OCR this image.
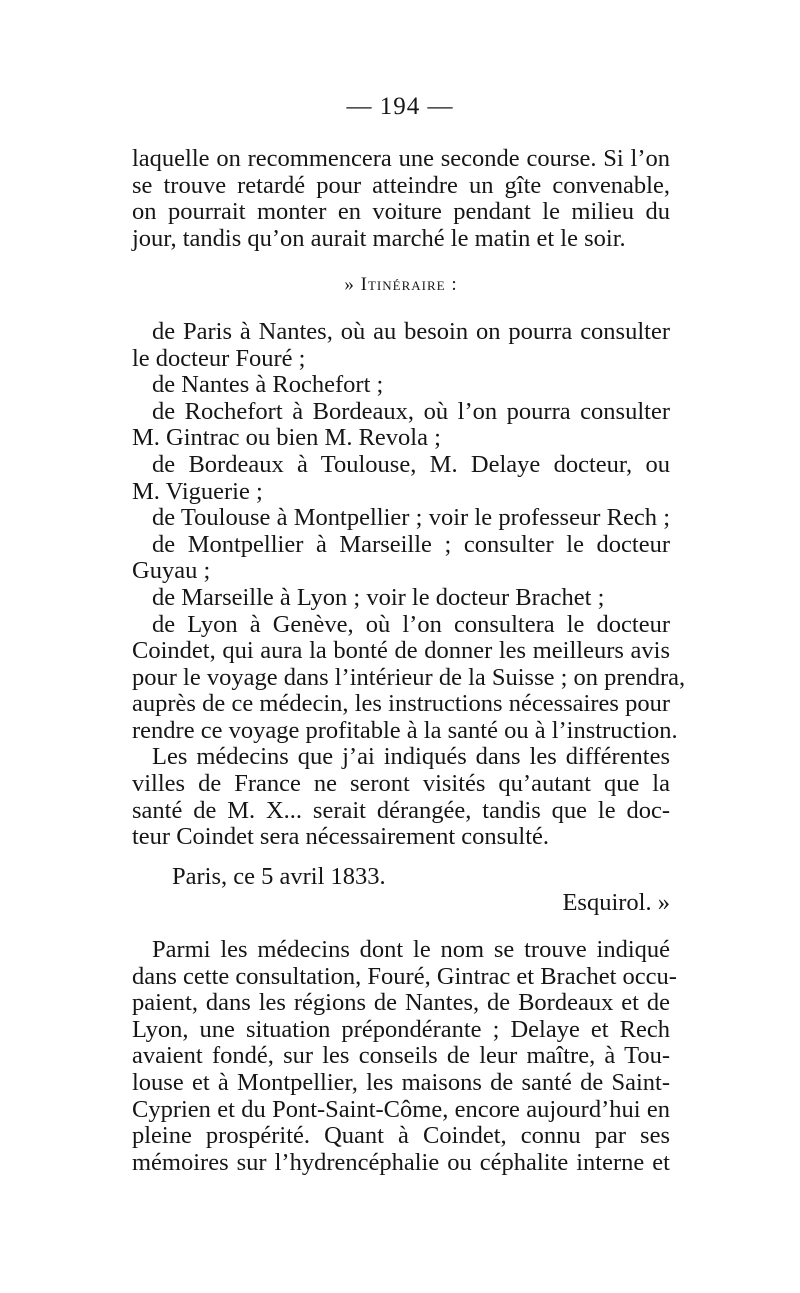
— 194 —
laquelle on recommencera une seconde course. Si l’on
se trouve retardé pour atteindre un gîte convenable,
on pourrait monter en voiture pendant le milieu du
jour, tandis qu’on aurait marché le matin et le soir.
» Itinéraire :
de Paris à Nantes, où au besoin on pourra consulter
le docteur Fouré ;
de Nantes à Rochefort ;
de Rochefort à Bordeaux, où l’on pourra consulter
M. Gintrac ou bien M. Revola ;
de Bordeaux à Toulouse, M. Delaye docteur, ou
M. Viguerie ;
de Toulouse à Montpellier ; voir le professeur Rech ;
de Montpellier à Marseille ; consulter le docteur
Guyau ;
de Marseille à Lyon ; voir le docteur Brachet ;
de Lyon à Genève, où l’on consultera le docteur
Coindet, qui aura la bonté de donner les meilleurs avis
pour le voyage dans l’intérieur de la Suisse ; on prendra,
auprès de ce médecin, les instructions nécessaires pour
rendre ce voyage profitable à la santé ou à l’instruction.
Les médecins que j’ai indiqués dans les différentes
villes de France ne seront visités qu’autant que la
santé de M. X... serait dérangée, tandis que le doc-
teur Coindet sera nécessairement consulté.
Paris, ce 5 avril 1833.
Esquirol. »
Parmi les médecins dont le nom se trouve indiqué
dans cette consultation, Fouré, Gintrac et Brachet occu-
paient, dans les régions de Nantes, de Bordeaux et de
Lyon, une situation prépondérante ; Delaye et Rech
avaient fondé, sur les conseils de leur maître, à Tou-
louse et à Montpellier, les maisons de santé de Saint-
Cyprien et du Pont-Saint-Côme, encore aujourd’hui en
pleine prospérité. Quant à Coindet, connu par ses
mémoires sur l’hydrencéphalie ou céphalite interne et
